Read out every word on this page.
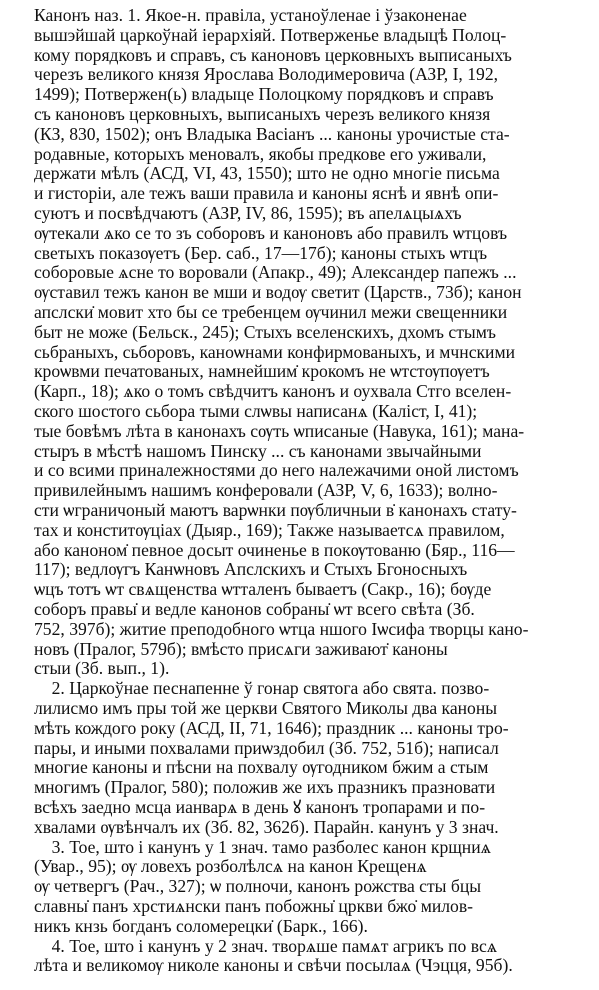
Канонъ наз. 1. Якое-н. правіла, устаноўленае і ўзаконенае
вышэйшай царкоўнай іерархіяй. Потверженье владыцѣ Полоц-
кому порядковъ и справъ, съ каноновъ церковныхъ выписаныхъ
черезъ великого князя Ярослава Володимеровича (АЗР, I, 192,
1499); Потвержен(ь) владыце Полоцкому порядковъ и справъ
съ каноновъ церковныхъ, выписаныхъ черезъ великого князя
(КЗ, 830, 1502); онъ Владыка Васіанъ ... каноны урочистые ста-
родавные, которыхъ меновалъ, якобы предкове его уживали,
держати мѣлъ (АСД, VI, 43, 1550); што не одно многіе письма
и гисторіи, але тежъ ваши правила и каноны яснѣ и явнѣ опи-
суютъ и посвѣдчаютъ (АЗР, IV, 86, 1595); въ апелѧцыѧхъ
ѹтекали ѧко се то зъ соборовъ и каноновъ або правилъ ѡтцовъ
светыхъ показѹетъ (Бер. саб., 17—17б); каноны стыхъ ѡтцъ
соборовые ѧсне то воровали (Апакр., 49); Александер папежъ ...
ѹставил тежъ канон ве мши и водѹ светит (Царств., 73б); канон
апслски̇ мовит хто бы се требенцем ѹчинил межи свещенники
быт не може (Бельск., 245); Стыхъ вселенскихъ, дхомъ стымъ
сьбраныхъ, сьборовъ, каноѡнами конфирмованыхъ, и мчнскими
кроѡвми печатованых, намнейшим̇ крокомъ не ѡтстѹпѹетъ
(Карп., 18); ѧко о томъ свѣдчитъ канонъ и оухвала Стго вселен-
ского шостого сьбора тыми слѡвы написанѧ (Каліст, I, 41);
тые бовѣмъ лѣта в канонахъ сѹть ѡписаные (Навука, 161); мана-
стыръ в мѣстѣ нашомъ Пинску ... съ канонами звычайными
и со всими приналежностями до него належачими оной листомъ
привилейнымъ нашимъ конферовали (АЗР, V, 6, 1633); волно-
сти ѡграничоный маютъ варѡнки пѹбличныи в̇ канонахъ стату-
тах и конститѹціах (Дыяр., 169); Также называетсѧ правилом,
або каноном̇ певное досыт очиненье в покѹтованю (Бяр., 116—
117); ведлѹгъ Канѡновъ Апслскихъ и Стыхъ Бгоносныхъ
ѡцъ тотъ ѡт свѧщенства ѡтталенъ бываетъ (Сакр., 16); бѹде
соборъ правы̇ и ведле канонов собраны̇ ѡт всего свѣта (Зб.
752, 397б); житие преподобного ѡтца ншого Іѡсифа творцы кано-
новъ (Пралог, 579б); вмѣсто присѧги заживают̇ каноны
стыи (Зб. вып., 1).
2. Царкоўнае песнапенне ў гонар святога або свята. позво-
лилисмо имъ пры той же церкви Святого Миколы два каноны
мѣть кождого року (АСД, II, 71, 1646); праздник ... каноны тро-
пары, и иными похвалами приѡздобил (Зб. 752, 51б); написал
многие каноны и пѣсни на похвалу ѹгодником бжим а стым
многимъ (Пралог, 580); положив же ихъ празникъ празновати
всѣхъ заедно мсца ианварѧ в день ꙋ канонъ тропарами и по-
хвалами ѹвѣнчалъ их (Зб. 82, 362б). Парайн. канунъ у 3 знач.
3. Тое, што і канунъ у 1 знач. тамо разболес канон крщниѧ
(Увар., 95); ѹ ловехъ розболѣлсѧ на канон Крещенѧ
ѹ четвергъ (Рач., 327); ѡ полночи, канонъ рожства сты бцы
славны̇ панъ хрстиѧнски панъ побожны̇ цркви бжо̇ милов-
никъ кнзь богданъ соломерецки̇ (Барк., 166).
4. Тое, што і канунъ у 2 знач. творѧше памѧт агрикъ по всѧ
лѣта и великомѹ николе каноны и свѣчи посылаѧ (Чэцця, 95б).
